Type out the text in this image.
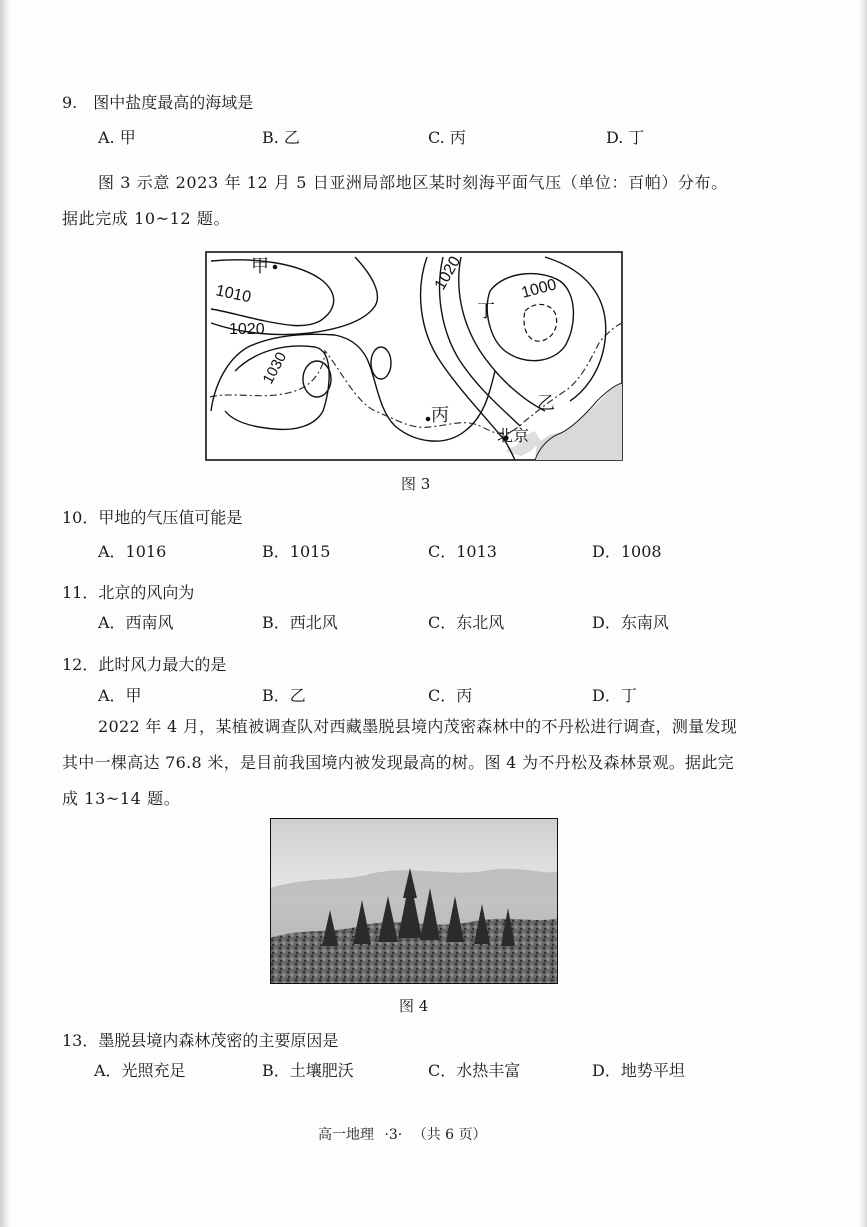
9.　图中盐度最高的海域是
A. 甲	B. 乙	C. 丙	D. 丁
图 3 示意 2023 年 12 月 5 日亚洲局部地区某时刻海平面气压（单位：百帕）分布。
据此完成 10~12 题。
甲
乙
丙
丁
北京
1010
1020
1030
1020	1000
图 3
10．甲地的气压值可能是
A．1016	B．1015	C．1013	D．1008
11．北京的风向为
A．西南风	B．西北风	C．东北风	D．东南风
12．此时风力最大的是
A．甲	B．乙	C．丙	D．丁
2022 年 4 月，某植被调查队对西藏墨脱县境内茂密森林中的不丹松进行调查，测量发现
其中一棵高达 76.8 米，是目前我国境内被发现最高的树。图 4 为不丹松及森林景观。据此完
成 13~14 题。
图 4
13．墨脱县境内森林茂密的主要原因是
A．光照充足	B．土壤肥沃	C．水热丰富	D．地势平坦
高一地理 ·3· （共 6 页）
